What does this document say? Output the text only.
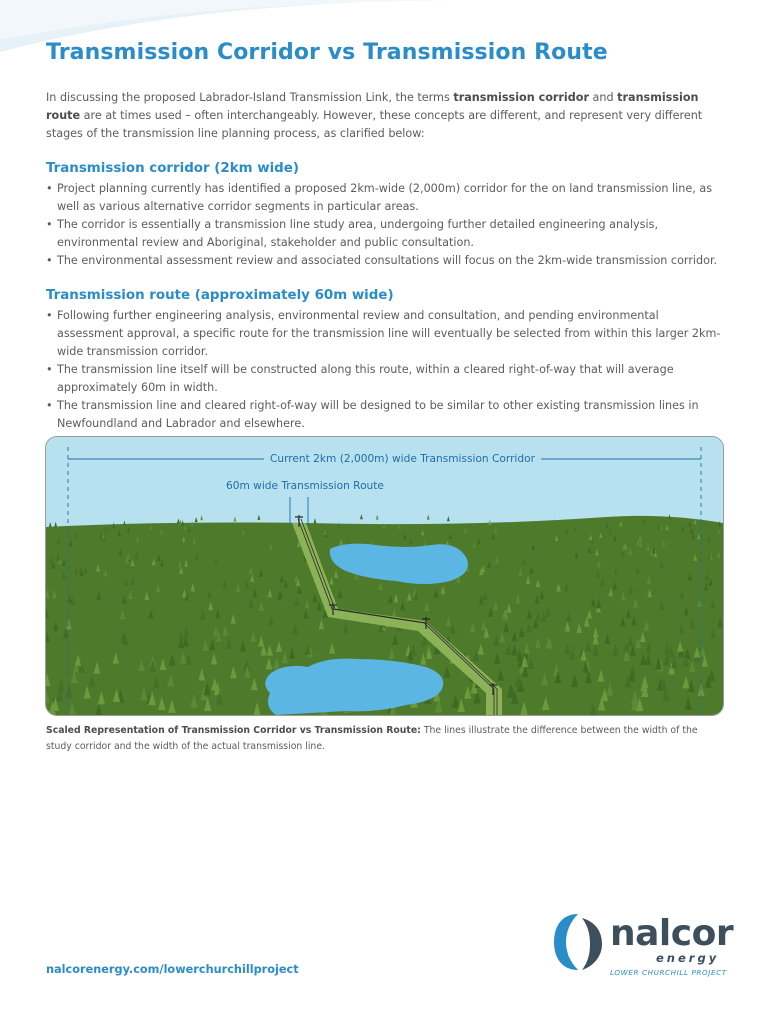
Transmission Corridor vs Transmission Route

In discussing the proposed Labrador-Island Transmission Link, the terms transmission corridor and transmission route are at times used – often interchangeably. However, these concepts are different, and represent very different stages of the transmission line planning process, as clarified below:

Transmission corridor (2km wide)
• Project planning currently has identified a proposed 2km-wide (2,000m) corridor for the on land transmission line, as well as various alternative corridor segments in particular areas.
• The corridor is essentially a transmission line study area, undergoing further detailed engineering analysis, environmental review and Aboriginal, stakeholder and public consultation.
• The environmental assessment review and associated consultations will focus on the 2km-wide transmission corridor.
Transmission route (approximately 60m wide)
• Following further engineering analysis, environmental review and consultation, and pending environmental assessment approval, a specific route for the transmission line will eventually be selected from within this larger 2km-wide transmission corridor.
• The transmission line itself will be constructed along this route, within a cleared right-of-way that will average approximately 60m in width.
• The transmission line and cleared right-of-way will be designed to be similar to other existing transmission lines in Newfoundland and Labrador and elsewhere.
Current 2km (2,000m) wide Transmission Corridor
60m wide Transmission Route

Scaled Representation of Transmission Corridor vs Transmission Route: The lines illustrate the difference between the width of the study corridor and the width of the actual transmission line.

nalcorenergy.com/lowerchurchillproject
nalcor
energy
LOWER CHURCHILL PROJECT
